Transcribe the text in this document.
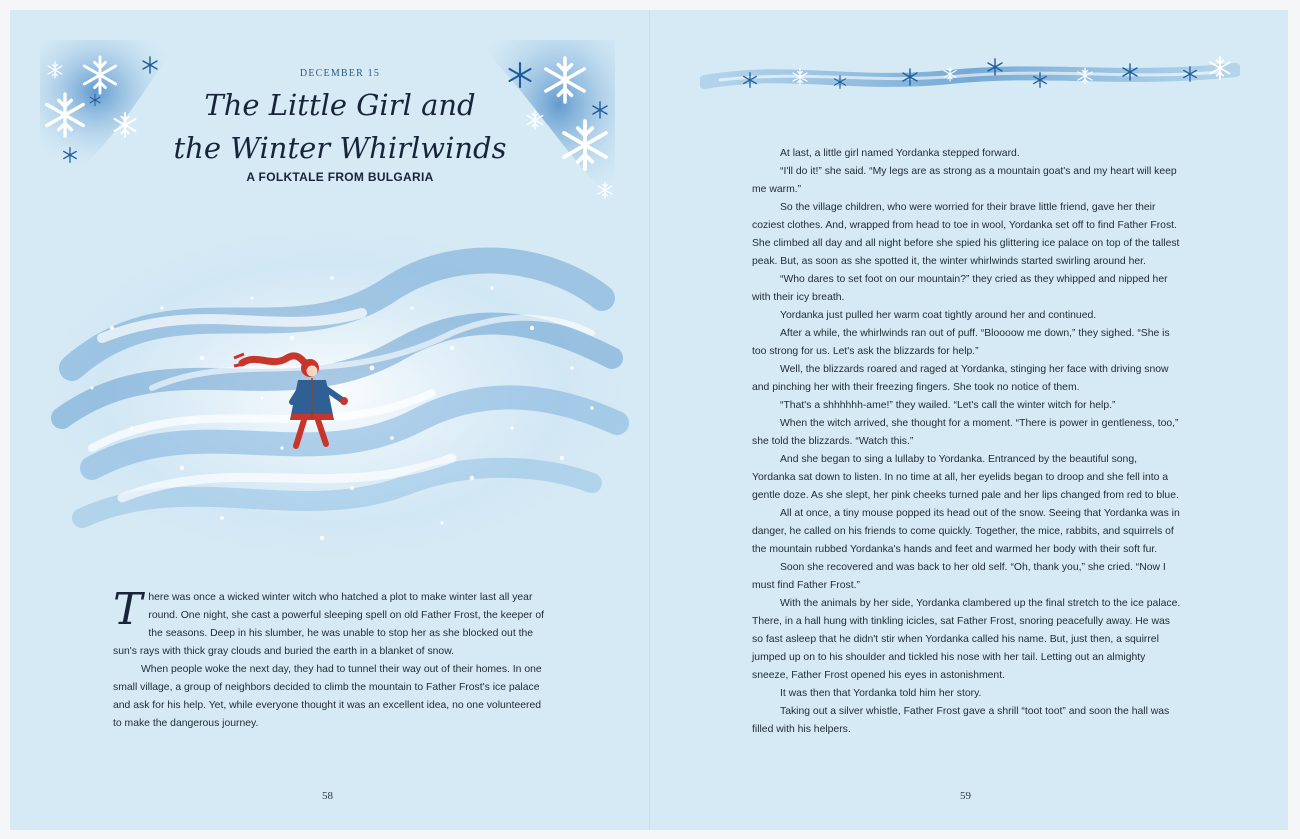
DECEMBER 15
The Little Girl and
the Winter Whirlwinds
A FOLKTALE FROM BULGARIA
T here was once a wicked winter witch who hatched a plot to make winter last all year round. One night, she cast a powerful sleeping spell on old Father Frost, the keeper of the seasons. Deep in his slumber, he was unable to stop her as she blocked out the sun's rays with thick gray clouds and buried the earth in a blanket of snow.

When people woke the next day, they had to tunnel their way out of their homes. In one small village, a group of neighbors decided to climb the mountain to Father Frost's ice palace and ask for his help. Yet, while everyone thought it was an excellent idea, no one volunteered to make the dangerous journey.

At last, a little girl named Yordanka stepped forward.

“I'll do it!” she said. “My legs are as strong as a mountain goat's and my heart will keep me warm.”

So the village children, who were worried for their brave little friend, gave her their coziest clothes. And, wrapped from head to toe in wool, Yordanka set off to find Father Frost. She climbed all day and all night before she spied his glittering ice palace on top of the tallest peak. But, as soon as she spotted it, the winter whirlwinds started swirling around her.

“Who dares to set foot on our mountain?” they cried as they whipped and nipped her with their icy breath.

Yordanka just pulled her warm coat tightly around her and continued.

After a while, the whirlwinds ran out of puff. “Bloooow me down,” they sighed. “She is too strong for us. Let's ask the blizzards for help.”

Well, the blizzards roared and raged at Yordanka, stinging her face with driving snow and pinching her with their freezing fingers. She took no notice of them.

“That's a shhhhhh-ame!” they wailed. “Let's call the winter witch for help.”

When the witch arrived, she thought for a moment. “There is power in gentleness, too,” she told the blizzards. “Watch this.”

And she began to sing a lullaby to Yordanka. Entranced by the beautiful song, Yordanka sat down to listen. In no time at all, her eyelids began to droop and she fell into a gentle doze. As she slept, her pink cheeks turned pale and her lips changed from red to blue.

All at once, a tiny mouse popped its head out of the snow. Seeing that Yordanka was in danger, he called on his friends to come quickly. Together, the mice, rabbits, and squirrels of the mountain rubbed Yordanka's hands and feet and warmed her body with their soft fur.

Soon she recovered and was back to her old self. “Oh, thank you,” she cried. “Now I must find Father Frost.”

With the animals by her side, Yordanka clambered up the final stretch to the ice palace. There, in a hall hung with tinkling icicles, sat Father Frost, snoring peacefully away. He was so fast asleep that he didn't stir when Yordanka called his name. But, just then, a squirrel jumped up on to his shoulder and tickled his nose with her tail. Letting out an almighty sneeze, Father Frost opened his eyes in astonishment.

It was then that Yordanka told him her story.

Taking out a silver whistle, Father Frost gave a shrill “toot toot” and soon the hall was filled with his helpers.

58	59
